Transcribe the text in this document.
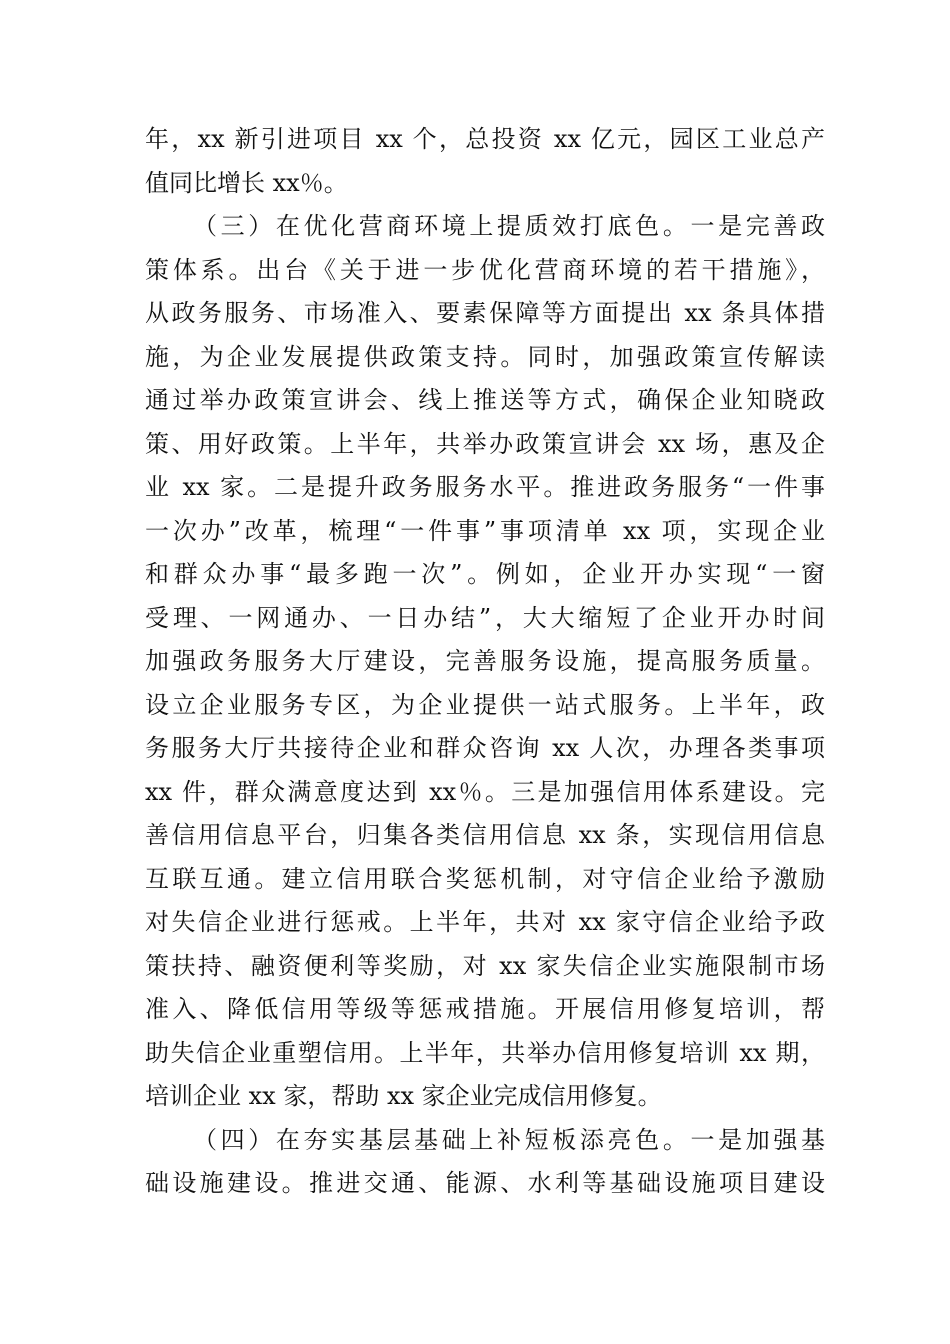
年，xx 新引进项目 xx 个，总投资 xx 亿元，园区工业总产
值同比增长 xx％。
（三）在优化营商环境上提质效打底色。一是完善政
策体系。出台《关于进一步优化营商环境的若干措施》，
从政务服务、市场准入、要素保障等方面提出 xx 条具体措
施，为企业发展提供政策支持。同时，加强政策宣传解读
通过举办政策宣讲会、线上推送等方式，确保企业知晓政
策、用好政策。上半年，共举办政策宣讲会 xx 场，惠及企
业 xx 家。二是提升政务服务水平。推进政务服务“一件事
一次办”改革，梳理“一件事”事项清单 xx 项，实现企业
和群众办事“最多跑一次”。例如，企业开办实现“一窗
受理、一网通办、一日办结”，大大缩短了企业开办时间
加强政务服务大厅建设，完善服务设施，提高服务质量。
设立企业服务专区，为企业提供一站式服务。上半年，政
务服务大厅共接待企业和群众咨询 xx 人次，办理各类事项
xx 件，群众满意度达到 xx％。三是加强信用体系建设。完
善信用信息平台，归集各类信用信息 xx 条，实现信用信息
互联互通。建立信用联合奖惩机制，对守信企业给予激励
对失信企业进行惩戒。上半年，共对 xx 家守信企业给予政
策扶持、融资便利等奖励，对 xx 家失信企业实施限制市场
准入、降低信用等级等惩戒措施。开展信用修复培训，帮
助失信企业重塑信用。上半年，共举办信用修复培训 xx 期，
培训企业 xx 家，帮助 xx 家企业完成信用修复。
（四）在夯实基层基础上补短板添亮色。一是加强基
础设施建设。推进交通、能源、水利等基础设施项目建设
